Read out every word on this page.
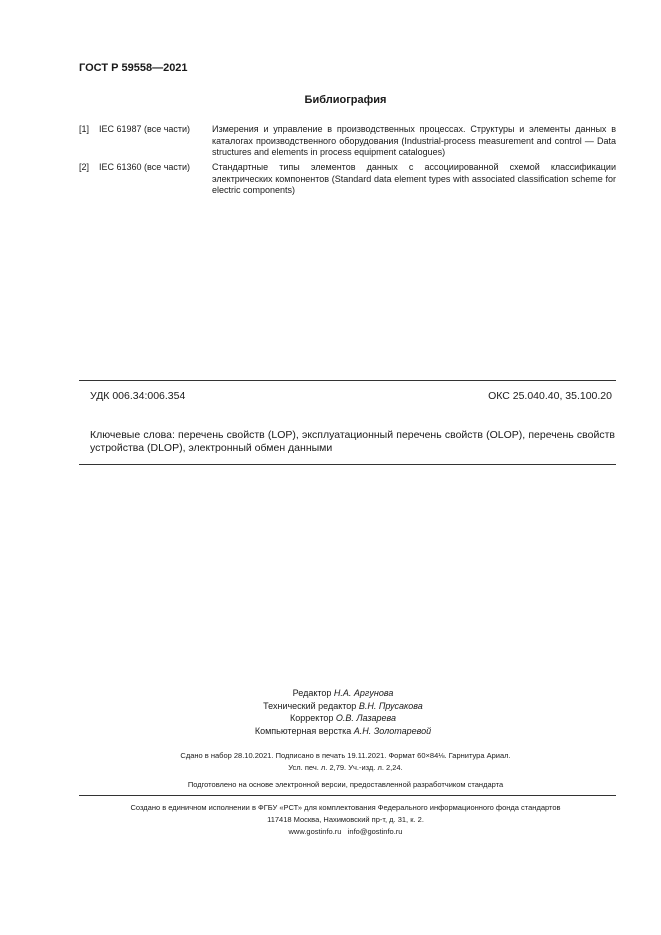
ГОСТ Р 59558—2021
Библиография
[1] IEC 61987 (все части) Измерения и управление в производственных процессах. Структуры и элементы данных в каталогах производственного оборудования (Industrial-process measurement and control — Data structures and elements in process equipment catalogues)
[2] IEC 61360 (все части) Стандартные типы элементов данных с ассоциированной схемой классификации электрических компонентов (Standard data element types with associated classification scheme for electric components)
УДК 006.34:006.354	ОКС 25.040.40, 35.100.20
Ключевые слова: перечень свойств (LOP), эксплуатационный перечень свойств (OLOP), перечень свойств устройства (DLOP), электронный обмен данными
Редактор Н.А. Аргунова
Технический редактор В.Н. Прусакова
Корректор О.В. Лазарева
Компьютерная верстка А.Н. Золотаревой
Сдано в набор 28.10.2021. Подписано в печать 19.11.2021. Формат 60×84⅛. Гарнитура Ариал.
Усл. печ. л. 2,79. Уч.-изд. л. 2,24.
Подготовлено на основе электронной версии, предоставленной разработчиком стандарта
Создано в единичном исполнении в ФГБУ «РСТ» для комплектования Федерального информационного фонда стандартов
117418 Москва, Нахимовский пр-т, д. 31, к. 2.
www.gostinfo.ru info@gostinfo.ru
